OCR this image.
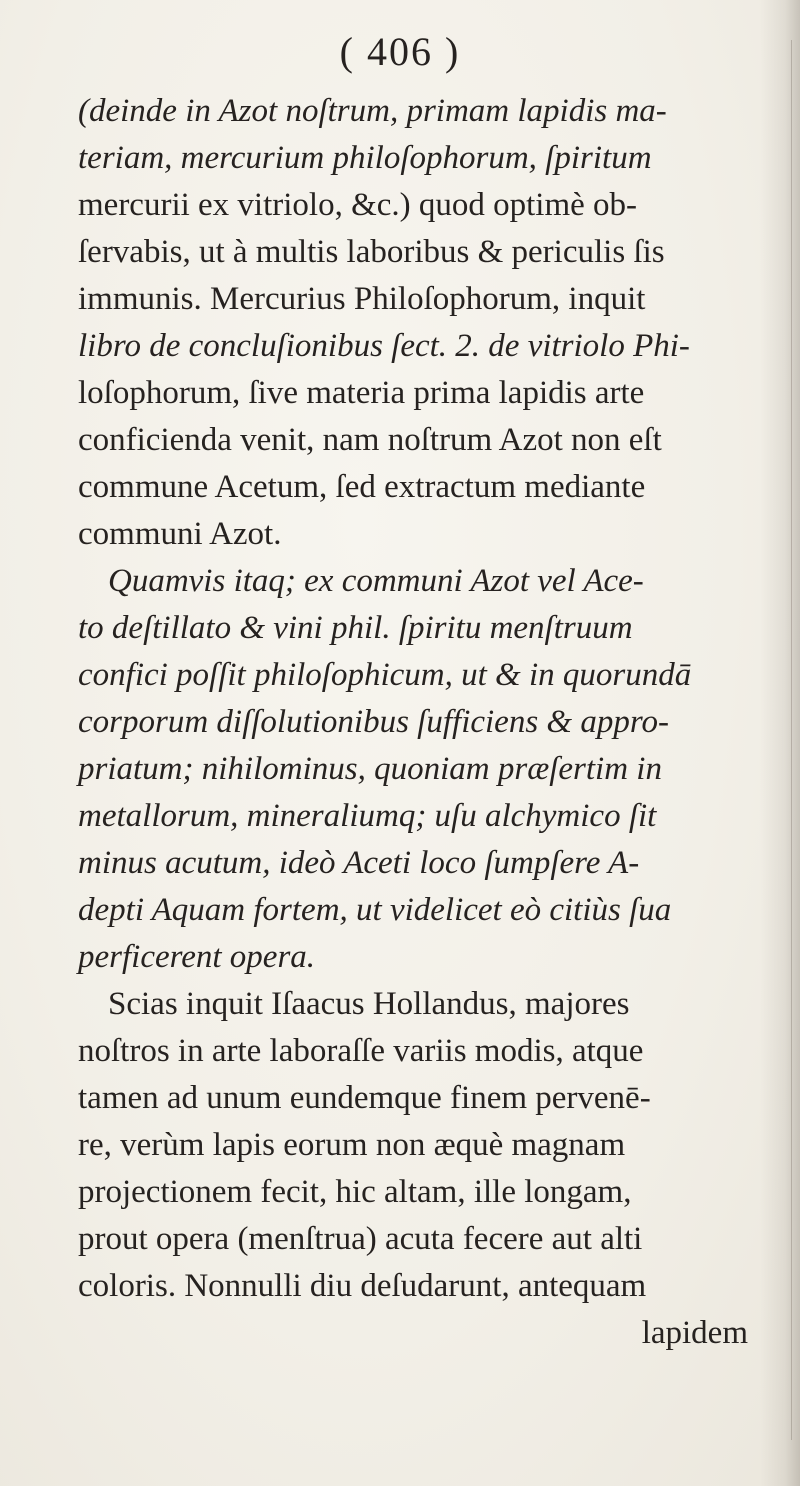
( 406 )
(deinde in Azot noſtrum, primam lapidis ma-
teriam, mercurium philoſophorum, ſpiritum
mercurii ex vitriolo, &c.) quod optimè ob-
ſervabis, ut à multis laboribus & periculis ſis
immunis. Mercurius Philoſophorum, inquit
libro de concluſionibus ſect. 2. de vitriolo Phi-
loſophorum, ſive materia prima lapidis arte
conficienda venit, nam noſtrum Azot non eſt
commune Acetum, ſed extractum mediante
communi Azot.
Quamvis itaq; ex communi Azot vel Ace-
to deſtillato & vini phil. ſpiritu menſtruum
confici poſſit philoſophicum, ut & in quorundā
corporum diſſolutionibus ſufficiens & appro-
priatum; nihilominus, quoniam præſertim in
metallorum, mineraliumq; uſu alchymico ſit
minus acutum, ideò Aceti loco ſumpſere A-
depti Aquam fortem, ut videlicet eò citiùs ſua
perficerent opera.
Scias inquit Iſaacus Hollandus, majores
noſtros in arte laboraſſe variis modis, atque
tamen ad unum eundemque finem pervenē-
re, verùm lapis eorum non æquè magnam
projectionem fecit, hic altam, ille longam,
prout opera (menſtrua) acuta fecere aut alti
coloris. Nonnulli diu deſudarunt, antequam
lapidem
